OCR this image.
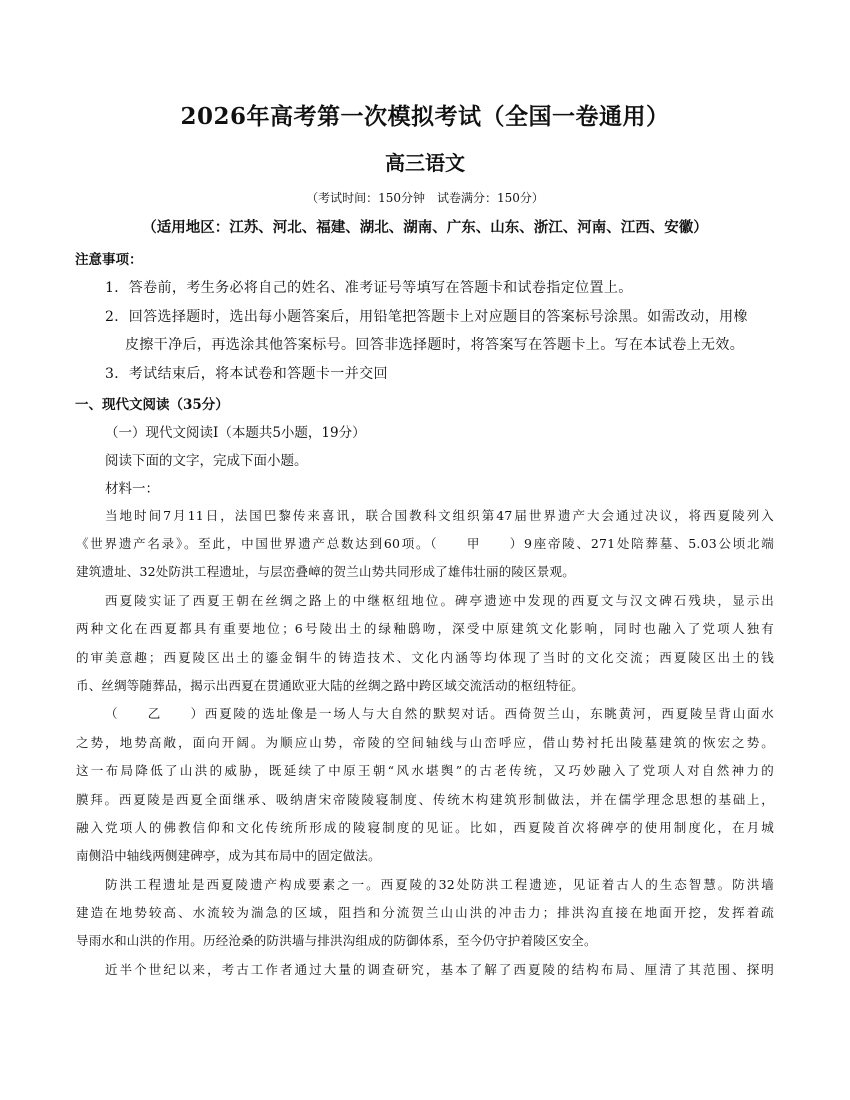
2026年高考第一次模拟考试（全国一卷通用）
高三语文
（考试时间：150分钟　试卷满分：150分）
（适用地区：江苏、河北、福建、湖北、湖南、广东、山东、浙江、河南、江西、安徽）
注意事项：
1．答卷前，考生务必将自己的姓名、准考证号等填写在答题卡和试卷指定位置上。
2．回答选择题时，选出每小题答案后，用铅笔把答题卡上对应题目的答案标号涂黑。如需改动，用橡
皮擦干净后，再选涂其他答案标号。回答非选择题时，将答案写在答题卡上。写在本试卷上无效。
3．考试结束后，将本试卷和答题卡一并交回
一、现代文阅读（35分）
（一）现代文阅读Ⅰ（本题共5小题，19分）
阅读下面的文字，完成下面小题。
材料一：
当地时间7月11日，法国巴黎传来喜讯，联合国教科文组织第47届世界遗产大会通过决议，将西夏陵列入
《世界遗产名录》。至此，中国世界遗产总数达到60项。（　　甲　　）9座帝陵、271处陪葬墓、5.03公顷北端
建筑遗址、32处防洪工程遗址，与层峦叠嶂的贺兰山势共同形成了雄伟壮丽的陵区景观。
西夏陵实证了西夏王朝在丝绸之路上的中继枢纽地位。碑亭遗迹中发现的西夏文与汉文碑石残块，显示出
两种文化在西夏都具有重要地位；6号陵出土的绿釉鸱吻，深受中原建筑文化影响，同时也融入了党项人独有
的审美意趣；西夏陵区出土的鎏金铜牛的铸造技术、文化内涵等均体现了当时的文化交流；西夏陵区出土的钱
币、丝绸等随葬品，揭示出西夏在贯通欧亚大陆的丝绸之路中跨区域交流活动的枢纽特征。
（　　乙　　）西夏陵的选址像是一场人与大自然的默契对话。西倚贺兰山，东眺黄河，西夏陵呈背山面水
之势，地势高敞，面向开阔。为顺应山势，帝陵的空间轴线与山峦呼应，借山势衬托出陵墓建筑的恢宏之势。
这一布局降低了山洪的威胁，既延续了中原王朝“风水堪舆”的古老传统，又巧妙融入了党项人对自然神力的
膜拜。西夏陵是西夏全面继承、吸纳唐宋帝陵陵寝制度、传统木构建筑形制做法，并在儒学理念思想的基础上，
融入党项人的佛教信仰和文化传统所形成的陵寝制度的见证。比如，西夏陵首次将碑亭的使用制度化，在月城
南侧沿中轴线两侧建碑亭，成为其布局中的固定做法。
防洪工程遗址是西夏陵遗产构成要素之一。西夏陵的32处防洪工程遗迹，见证着古人的生态智慧。防洪墙
建造在地势较高、水流较为湍急的区域，阻挡和分流贺兰山山洪的冲击力；排洪沟直接在地面开挖，发挥着疏
导雨水和山洪的作用。历经沧桑的防洪墙与排洪沟组成的防御体系，至今仍守护着陵区安全。
近半个世纪以来，考古工作者通过大量的调查研究，基本了解了西夏陵的结构布局、厘清了其范围、探明
